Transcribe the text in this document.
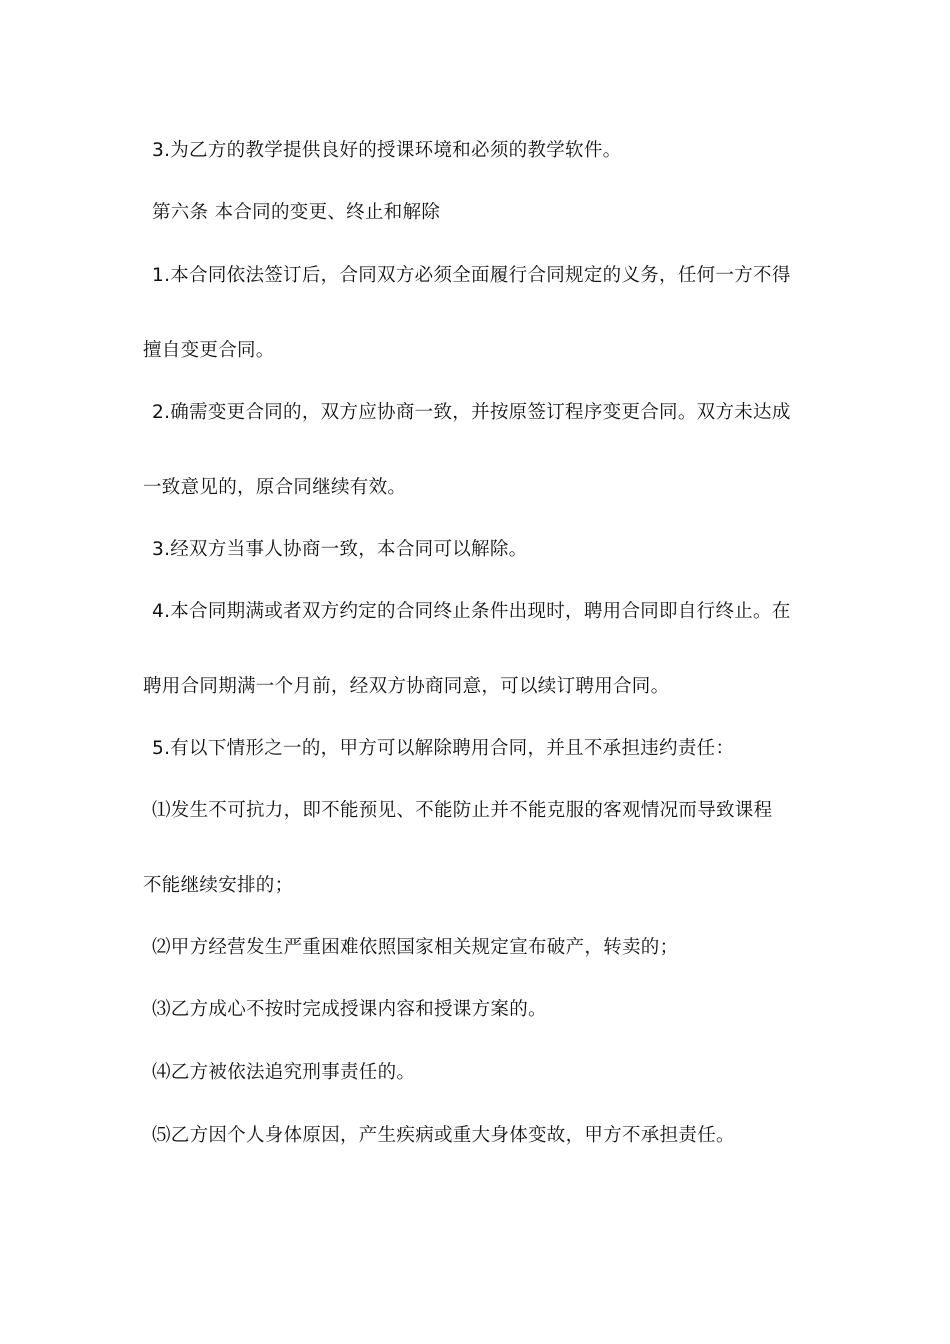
3.为乙方的教学提供良好的授课环境和必须的教学软件。
第六条 本合同的变更、终止和解除
1.本合同依法签订后，合同双方必须全面履行合同规定的义务，任何一方不得
擅自变更合同。
2.确需变更合同的，双方应协商一致，并按原签订程序变更合同。双方未达成
一致意见的，原合同继续有效。
3.经双方当事人协商一致，本合同可以解除。
4.本合同期满或者双方约定的合同终止条件出现时，聘用合同即自行终止。在
聘用合同期满一个月前，经双方协商同意，可以续订聘用合同。
5.有以下情形之一的，甲方可以解除聘用合同，并且不承担违约责任：
⑴发生不可抗力，即不能预见、不能防止并不能克服的客观情况而导致课程
不能继续安排的；
⑵甲方经营发生严重困难依照国家相关规定宣布破产，转卖的；
⑶乙方成心不按时完成授课内容和授课方案的。
⑷乙方被依法追究刑事责任的。
⑸乙方因个人身体原因，产生疾病或重大身体变故，甲方不承担责任。
